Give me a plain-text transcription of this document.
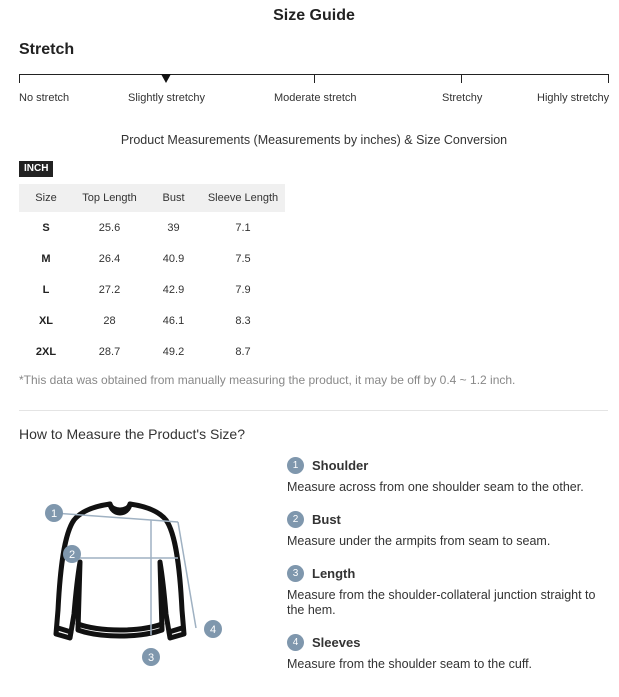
Size Guide
Stretch
No stretch	Slightly stretchy	Moderate stretch	Stretchy	Highly stretchy
Product Measurements (Measurements by inches) & Size Conversion
INCH
Size	Top Length	Bust	Sleeve Length
S	25.6	39	7.1
M	26.4	40.9	7.5
L	27.2	42.9	7.9
XL	28	46.1	8.3
2XL	28.7	49.2	8.7
*This data was obtained from manually measuring the product, it may be off by 0.4 ~ 1.2 inch.
How to Measure the Product's Size?
1
2
3
4
1	Shoulder
Measure across from one shoulder seam to the other.
2	Bust
Measure under the armpits from seam to seam.
3	Length
Measure from the shoulder-collateral junction straight to the hem.
4	Sleeves
Measure from the shoulder seam to the cuff.
